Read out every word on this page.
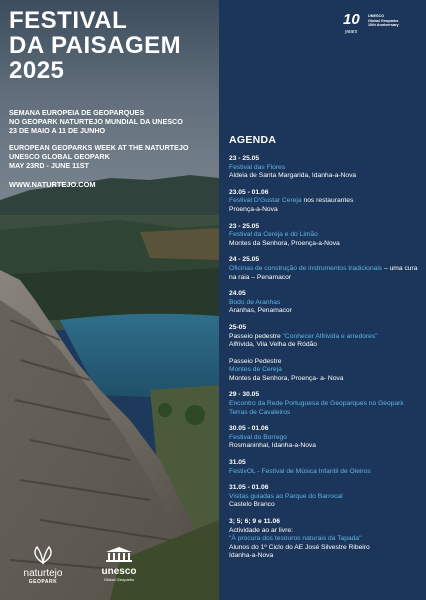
FESTIVAL
DA PAISAGEM
2025
SEMANA EUROPEIA DE GEOPARQUES
NO GEOPARK NATURTEJO MUNDIAL DA UNESCO
23 DE MAIO A 11 DE JUNHO
EUROPEAN GEOPARKS WEEK AT THE NATURTEJO
UNESCO GLOBAL GEOPARK
MAY 23RD - JUNE 11ST
WWW.NATURTEJO.COM
naturtejo
GEOPARK
unesco
Global Geoparks
10
years
UNESCO
Global Geoparks
10th Anniversary
AGENDA
23 - 25.05
Festival das Flores
Aldeia de Santa Margarida, Idanha-a-Nova
23.05 - 01.06
Festival D'Gustar Cereja nos restaurantes
Proença-a-Nova
23 - 25.05
Festival da Cereja e do Limão
Montes da Senhora, Proença-a-Nova
24 - 25.05
Oficinas de construção de instrumentos tradicionais – uma cura na raia – Penamacor
24.05
Bodo de Aranhas
Aranhas, Penamacor
25-05
Passeio pedestre "Conhecer Alfrivida e arredores"
Alfrivida, Vila Velha de Ródão
Passeio Pedestre
Montes de Cereja
Montes da Senhora, Proença- a- Nova
29 - 30.05
Encontro da Rede Portuguesa de Geoparques no Geopark Terras de Cavaleiros
30.05 - 01.06
Festival do Borrego
Rosmaninhal, Idanha-a-Nova
31.05
FestivOL - Festival de Música Infantil de Oleiros
31.05 - 01.06
Visitas guiadas ao Parque do Barrocal
Castelo Branco
3; 5; 6; 9 e 11.06
Actividade ao ar livre:
"À procura dos tesouros naturais da Tapada"
Alunos do 1º Ciclo do AE José Silvestre Ribeiro
Idanha-a-Nova
